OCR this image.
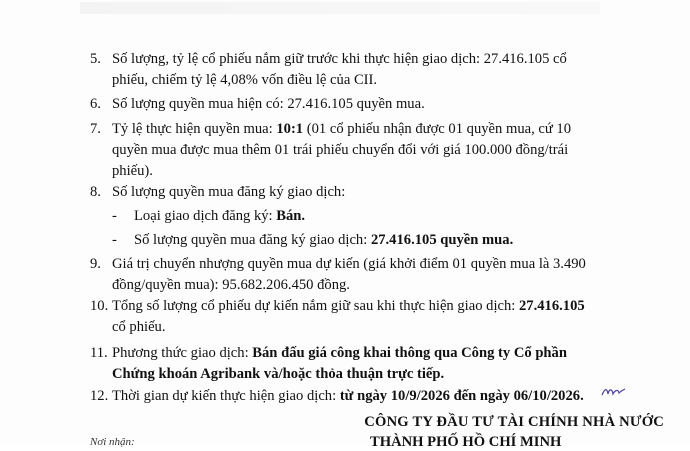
5. Số lượng, tỷ lệ cổ phiếu nắm giữ trước khi thực hiện giao dịch: 27.416.105 cổ
phiếu, chiếm tỷ lệ 4,08% vốn điều lệ của CII.
6. Số lượng quyền mua hiện có: 27.416.105 quyền mua.
7. Tỷ lệ thực hiện quyền mua: 10:1 (01 cổ phiếu nhận được 01 quyền mua, cứ 10
quyền mua được mua thêm 01 trái phiếu chuyển đổi với giá 100.000 đồng/trái
phiếu).
8. Số lượng quyền mua đăng ký giao dịch:
- Loại giao dịch đăng ký: Bán.
- Số lượng quyền mua đăng ký giao dịch: 27.416.105 quyền mua.
9. Giá trị chuyển nhượng quyền mua dự kiến (giá khởi điểm 01 quyền mua là 3.490
đồng/quyền mua): 95.682.206.450 đồng.
10. Tổng số lượng cổ phiếu dự kiến nắm giữ sau khi thực hiện giao dịch: 27.416.105
cổ phiếu.
11. Phương thức giao dịch: Bán đấu giá công khai thông qua Công ty Cổ phần
Chứng khoán Agribank và/hoặc thỏa thuận trực tiếp.
12. Thời gian dự kiến thực hiện giao dịch: từ ngày 10/9/2026 đến ngày 06/10/2026.
CÔNG TY ĐẦU TƯ TÀI CHÍNH NHÀ NƯỚC
THÀNH PHỐ HỒ CHÍ MINH
Nơi nhận:
